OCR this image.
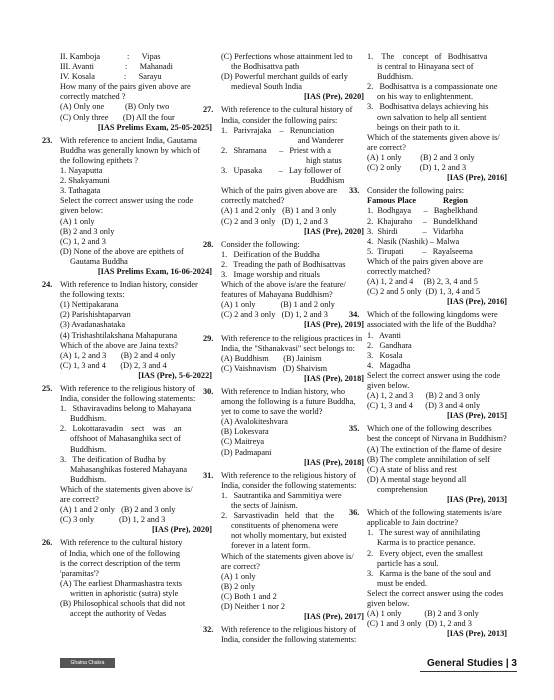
II. Kamboja             :      Vipas
III. Avanti               :      Mahanadi
IV. Kosala              :      Sarayu
How many of the pairs given above are
correctly matched ?
(A) Only one          (B) Only two
(C) Only three       (D) All the four
[IAS Prelims Exam, 25-05-2025]
23. With reference to ancient India, Gautama
Buddha was generally known by which of
the following epithets ?
1. Nayaputta
2. Shakyamuni
3. Tathagata
Select the correct answer using the code
given below:
(A) 1 only
(B) 2 and 3 only
(C) 1, 2 and 3
(D) None of the above are epithets of
Gautama Buddha
[IAS Prelims Exam, 16-06-2024]
24. With reference to Indian history, consider
the following texts:
(1) Nettipakarana
(2) Parishishtaparvan
(3) Avadanashataka
(4) Trishashtilakshana Mahapurana
Which of the above are Jaina texts?
(A) 1, 2 and 3       (B) 2 and 4 only
(C) 1, 3 and 4       (D) 2, 3 and 4
[IAS (Pre), 5-6-2022]
25. With reference to the religious history of
India, consider the following statements:
1.   Sthaviravadins belong to Mahayana
Buddhism.
2.   Lokottaravadin    sect    was    an
offshoot of Mahasanghika sect of
Buddhism.
3.   The deification of Budha by
Mahasanghikas fostered Mahayana
Buddhism.
Which of the statements given above is/
are correct?
(A) 1 and 2 only   (B) 2 and 3 only
(C) 3 only            (D) 1, 2 and 3
[IAS (Pre), 2020]
26. With reference to the cultural history
of India, which one of the following
is the correct description of the term
'paramitas'?
(A) The earliest Dharmashastra texts
written in aphoristic (sutra) style
(B) Philosophical schools that did not
accept the authority of Vedas
(C) Perfections whose attainment led to
the Bodhisattva path
(D) Powerful merchant guilds of early
medieval South India
[IAS (Pre), 2020]
27. With reference to the cultural history of
India, consider the following pairs:
1.   Parivrajaka    –   Renunciation
and Wanderer
2.   Shramana      –   Priest with a
high status
3.   Upasaka        –   Lay follower of
Buddhism
Which of the pairs given above are
correctly matched?
(A) 1 and 2 only   (B) 1 and 3 only
(C) 2 and 3 only   (D) 1, 2 and 3
[IAS (Pre), 2020]
28. Consider the following:
1.   Deification of the Buddha
2.   Treading the path of Bodhisattvas
3.   Image worship and rituals
Which of the above is/are the feature/
features of Mahayana Buddhism?
(A) 1 only            (B) 1 and 2 only
(C) 2 and 3 only   (D) 1, 2 and 3
[IAS (Pre), 2019]
29. With reference to the religious practices in
India, the "Sthanakvasi" sect belongs to:
(A) Buddhism       (B) Jainism
(C) Vaishnavism   (D) Shaivism
[IAS (Pre), 2018]
30. With reference to Indian history, who
among the following is a future Buddha,
yet to come to save the world?
(A) Avalokiteshvara
(B) Lokesvara
(C) Maitreya
(D) Padmapani
[IAS (Pre), 2018]
31. With reference to the religious history of
India, consider the following statements:
1.   Sautrantika and Sammitiya were
the sects of Jainism.
2.   Sarvastivadin   held   that   the
constituents of phenomena were
not wholly momentary, but existed
forever in a latent form.
Which of the statements given above is/
are correct?
(A) 1 only
(B) 2 only
(C) Both 1 and 2
(D) Neither 1 nor 2
[IAS (Pre), 2017]
32. With reference to the religious history of
India, consider the following statements:
1.    The    concept   of   Bodhisattva
is central to Hinayana sect of
Buddhism.
2.   Bodhisattva is a compassionate one
on his way to enlightenment.
3.   Bodhisattva delays achieving his
own salvation to help all sentient
beings on their path to it.
Which of the statements given above is/
are correct?
(A) 1 only         (B) 2 and 3 only
(C) 2 only         (D) 1, 2 and 3
[IAS (Pre), 2016]
33. Consider the following pairs:
Famous Place             Region
1.  Bodhgaya      –   Baghelkhand
2.  Khajuraho     –   Bundelkhand
3.  Shirdi            –   Vidarbha
4.  Nasik (Nashik) – Malwa
5.  Tirupati         –   Rayalseema
Which of the pairs given above are
correctly matched?
(A) 1, 2 and 4     (B) 2, 3, 4 and 5
(C) 2 and 5 only  (D) 1, 3, 4 and 5
[IAS (Pre), 2016]
34. Which of the following kingdoms were
associated with the life of the Buddha?
1.   Avanti
2.   Gandhara
3.   Kosala
4.   Magadha
Select the correct answer using the code
given below.
(A) 1, 2 and 3      (B) 2 and 3 only
(C) 1, 3 and 4      (D) 3 and 4 only
[IAS (Pre), 2015]
35. Which one of the following describes
best the concept of Nirvana in Buddhism?
(A) The extinction of the flame of desire
(B) The complete annihilation of self
(C) A state of bliss and rest
(D) A mental stage beyond all
comprehension
[IAS (Pre), 2013]
36. Which of the following statements is/are
applicable to Jain doctrine?
1.   The surest way of annihilating
Karma is to practice penance.
2.   Every object, even the smallest
particle has a soul.
3.   Karma is the bane of the soul and
must be ended.
Select the correct answer using the codes
given below.
(A) 1 only           (B) 2 and 3 only
(C) 1 and 3 only  (D) 1, 2 and 3
[IAS (Pre), 2013]
Ghatna Chakra Prakashan
General Studies | 3
